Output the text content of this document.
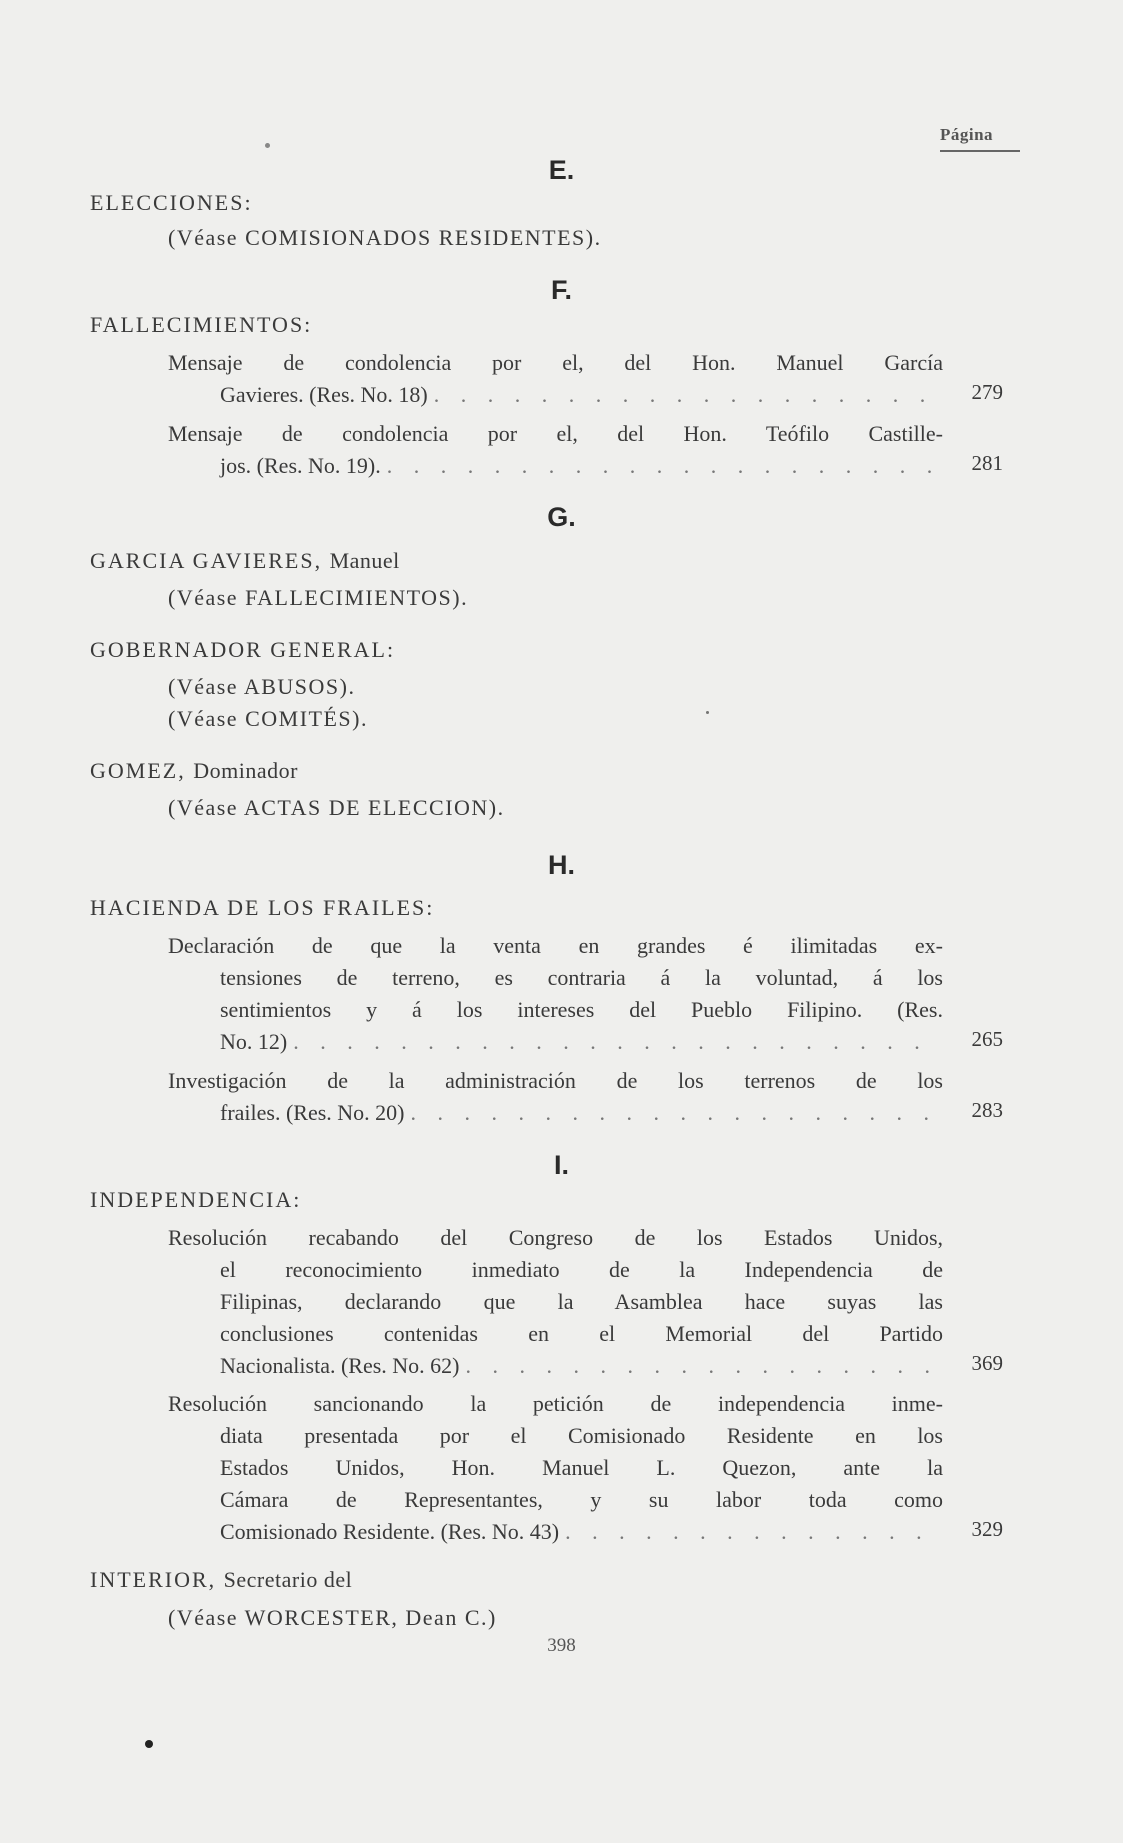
Página
E.
ELECCIONES:
(Véase COMISIONADOS RESIDENTES).
F.
FALLECIMIENTOS:
Mensaje de condolencia por el, del Hon. Manuel García
Gavieres. (Res. No. 18) . . .	279
Mensaje de condolencia por el, del Hon. Teófilo Castille-
jos. (Res. No. 19). . . .	281
G.
GARCIA GAVIERES, Manuel
(Véase FALLECIMIENTOS).
GOBERNADOR GENERAL:
(Véase ABUSOS).
(Véase COMITÉS).
GOMEZ, Dominador
(Véase ACTAS DE ELECCION).
H.
HACIENDA DE LOS FRAILES:
Declaración de que la venta en grandes é ilimitadas ex-
tensiones de terreno, es contraria á la voluntad, á los
sentimientos y á los intereses del Pueblo Filipino. (Res.
No. 12) . . .	265
Investigación de la administración de los terrenos de los
frailes. (Res. No. 20) . . .	283
I.
INDEPENDENCIA:
Resolución recabando del Congreso de los Estados Unidos,
el reconocimiento inmediato de la Independencia de
Filipinas, declarando que la Asamblea hace suyas las
conclusiones contenidas en el Memorial del Partido
Nacionalista. (Res. No. 62) . . .	369
Resolución sancionando la petición de independencia inme-
diata presentada por el Comisionado Residente en los
Estados Unidos, Hon. Manuel L. Quezon, ante la
Cámara de Representantes, y su labor toda como
Comisionado Residente. (Res. No. 43) . . .	329
INTERIOR, Secretario del
(Véase WORCESTER, Dean C.)
398
